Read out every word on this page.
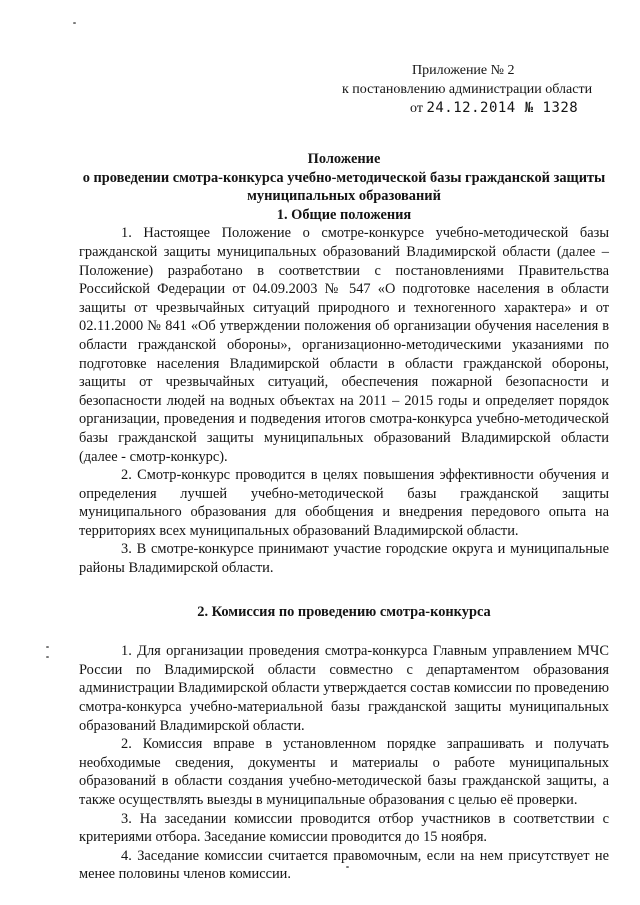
Приложение № 2
к постановлению администрации области
от 24.12.2014 № 1328
Положение
о проведении смотра-конкурса учебно-методической базы гражданской защиты
муниципальных образований
1. Общие положения

1. Настоящее Положение о смотре-конкурсе учебно-методической базы гражданской защиты муниципальных образований Владимирской области (далее – Положение) разработано в соответствии с постановлениями Правительства Российской Федерации от 04.09.2003 № 547 «О подготовке населения в области защиты от чрезвычайных ситуаций природного и техногенного характера» и от 02.11.2000 № 841 «Об утверждении положения об организации обучения населения в области гражданской обороны», организационно-методическими указаниями по подготовке населения Владимирской области в области гражданской обороны, защиты от чрезвычайных ситуаций, обеспечения пожарной безопасности и безопасности людей на водных объектах на 2011 – 2015 годы и определяет порядок организации, проведения и подведения итогов смотра-конкурса учебно-методической базы гражданской защиты муниципальных образований Владимирской области (далее - смотр-конкурс).

2. Смотр-конкурс проводится в целях повышения эффективности обучения и определения лучшей учебно-методической базы гражданской защиты муниципального образования для обобщения и внедрения передового опыта на территориях всех муниципальных образований Владимирской области.

3. В смотре-конкурсе принимают участие городские округа и муниципальные районы Владимирской области.

2. Комиссия по проведению смотра-конкурса

1. Для организации проведения смотра-конкурса Главным управлением МЧС России по Владимирской области совместно с департаментом образования администрации Владимирской области утверждается состав комиссии по проведению смотра-конкурса учебно-материальной базы гражданской защиты муниципальных образований Владимирской области.

2. Комиссия вправе в установленном порядке запрашивать и получать необходимые сведения, документы и материалы о работе муниципальных образований в области создания учебно-методической базы гражданской защиты, а также осуществлять выезды в муниципальные образования с целью её проверки.

3. На заседании комиссии проводится отбор участников в соответствии с критериями отбора. Заседание комиссии проводится до 15 ноября.

4. Заседание комиссии считается правомочным, если на нем присутствует не менее половины членов комиссии.
